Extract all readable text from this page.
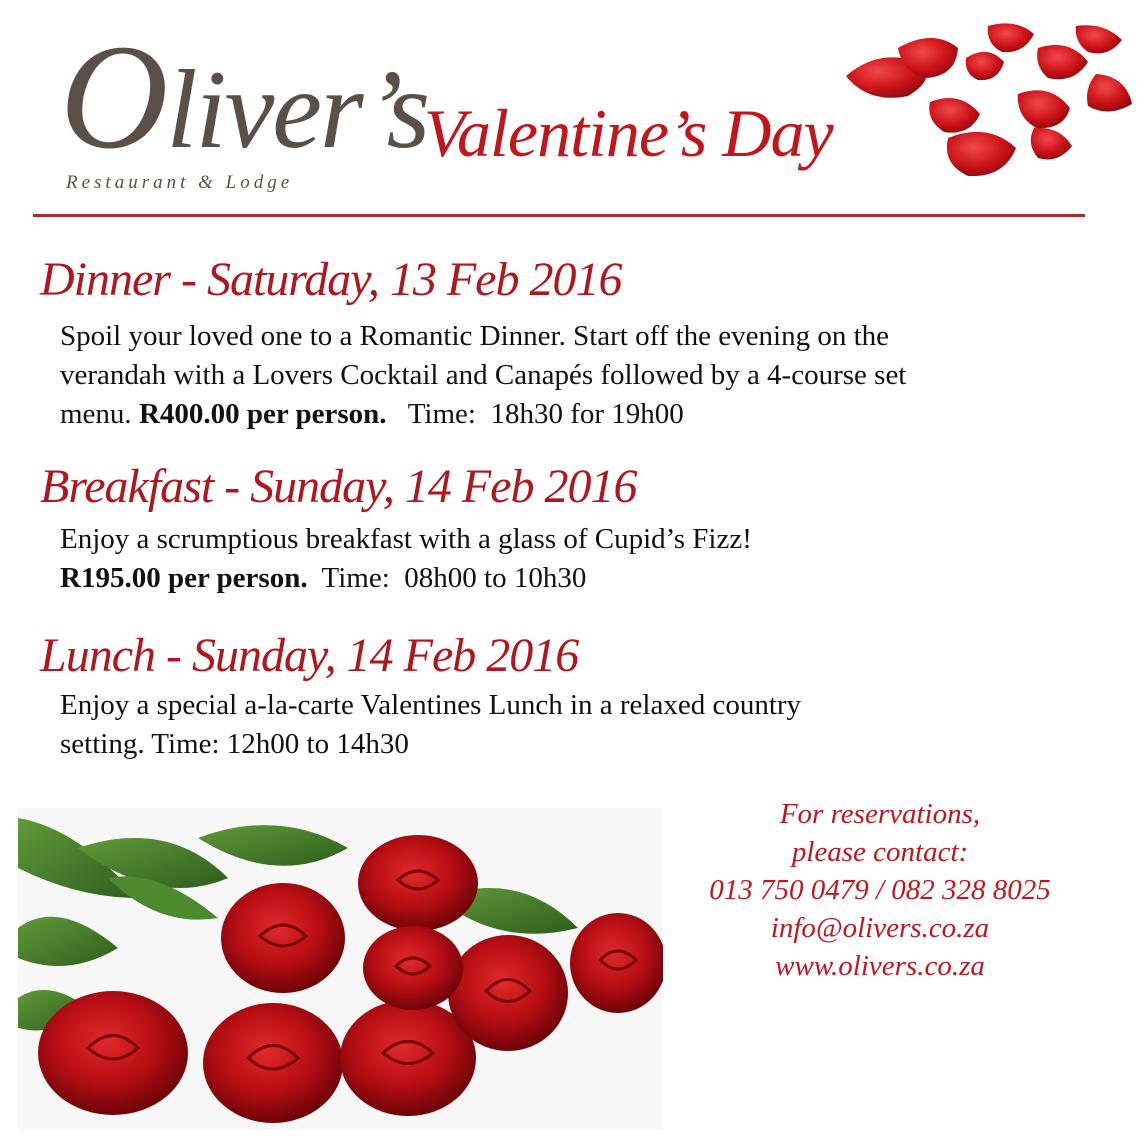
Oliver’s
Restaurant & Lodge
Valentine’s Day
Dinner - Saturday, 13 Feb 2016
Spoil your loved one to a Romantic Dinner. Start off the evening on the
verandah with a Lovers Cocktail and Canapés followed by a 4-course set
menu. R400.00 per person.   Time:  18h30 for 19h00
Breakfast - Sunday, 14 Feb 2016
Enjoy a scrumptious breakfast with a glass of Cupid’s Fizz!
R195.00 per person.  Time:  08h00 to 10h30
Lunch - Sunday, 14 Feb 2016
Enjoy a special a-la-carte Valentines Lunch in a relaxed country
setting. Time: 12h00 to 14h30
For reservations,
please contact:
013 750 0479 / 082 328 8025
info@olivers.co.za
www.olivers.co.za
